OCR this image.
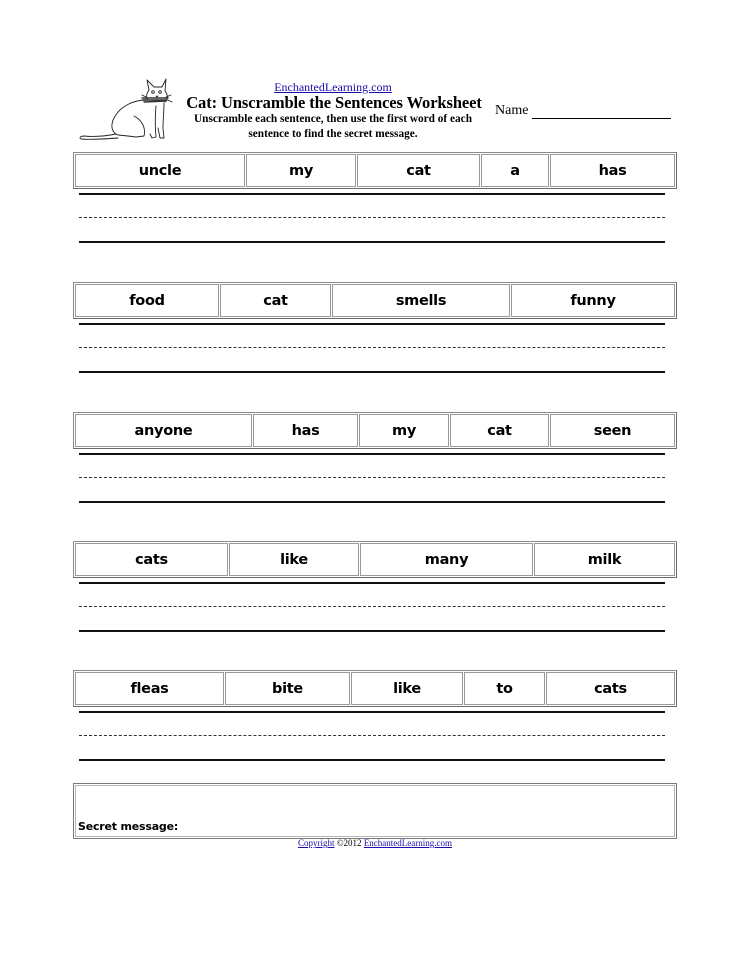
EnchantedLearning.com
Cat: Unscramble the Sentences Worksheet
Unscramble each sentence, then use the first word of each sentence to find the secret message.
Name
uncle	my	cat	a	has
food	cat	smells	funny
anyone	has	my	cat	seen
cats	like	many	milk
fleas	bite	like	to	cats
Secret message:
Copyright ©2012 EnchantedLearning.com
